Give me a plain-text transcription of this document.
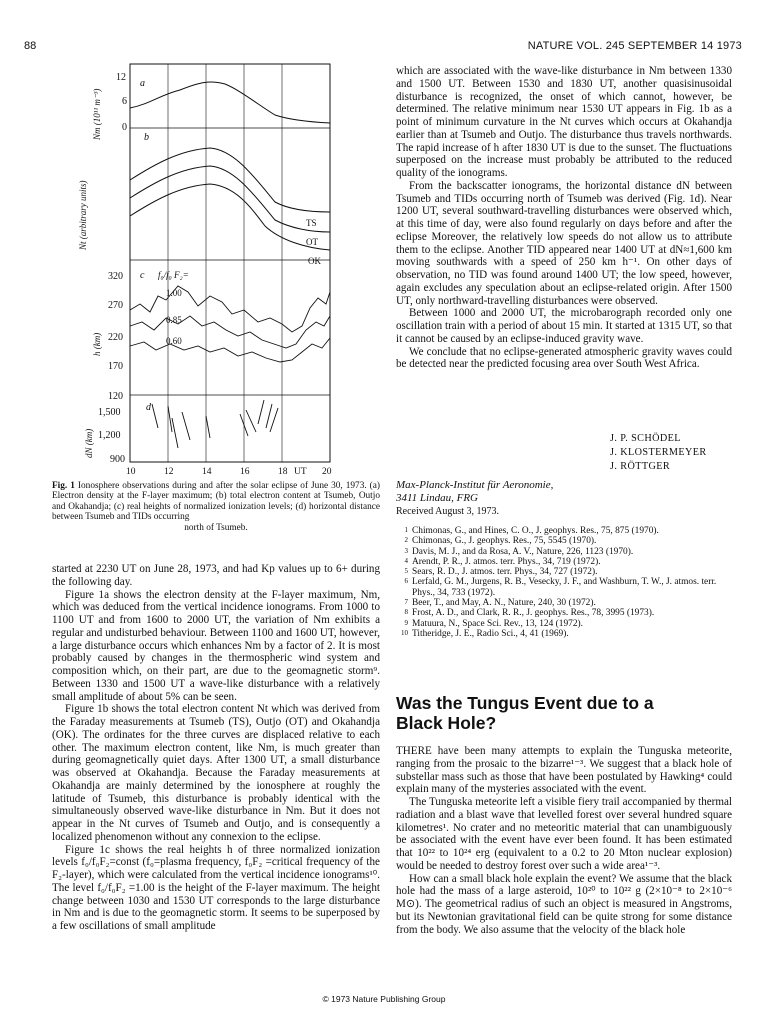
88	NATURE VOL. 245 SEPTEMBER 14 1973
a
12
6
0
Nm (10¹¹ m⁻³)	b
TS
OT
OK
Nt (arbitrary units)
c f₀/f₀ F₂=
1.00
0.85
0.60
320
270
220
170
120
h (km)
d
1,500
1,200
900
dN (km)
10	12	14	16	18 UT 20
Fig. 1 Ionosphere observations during and after the solar eclipse of June 30, 1973. (a) Electron density at the F-layer maximum; (b) total electron content at Tsumeb, Outjo and Okahandja; (c) real heights of normalized ionization levels; (d) horizontal distance between Tsumeb and TIDs occurring
north of Tsumeb.

started at 2230 UT on June 28, 1973, and had Kp values up to 6+ during the following day.

Figure 1a shows the electron density at the F-layer maximum, Nm, which was deduced from the vertical incidence ionograms. From 1000 to 1100 UT and from 1600 to 2000 UT, the variation of Nm exhibits a regular and undisturbed behaviour. Between 1100 and 1600 UT, however, a large disturbance occurs which enhances Nm by a factor of 2. It is most probably caused by changes in the thermospheric wind system and composition which, on their part, are due to the geomagnetic storm⁹. Between 1330 and 1500 UT a wave-like disturbance with a relatively small amplitude of about 5% can be seen.

Figure 1b shows the total electron content Nt which was derived from the Faraday measurements at Tsumeb (TS), Outjo (OT) and Okahandja (OK). The ordinates for the three curves are displaced relative to each other. The maximum electron content, like Nm, is much greater than during geomagnetically quiet days. After 1300 UT, a small disturbance was observed at Okahandja. Because the Faraday measurements at Okahandja are mainly determined by the ionosphere at roughly the latitude of Tsumeb, this disturbance is probably identical with the simultaneously observed wave-like disturbance in Nm. But it does not appear in the Nt curves of Tsumeb and Outjo, and is consequently a localized phenomenon without any connexion to the eclipse.

Figure 1c shows the real heights h of three normalized ionization levels f₀/f₀F₂=const (f₀=plasma frequency, f₀F₂ =critical frequency of the F₂-layer), which were calculated from the vertical incidence ionograms¹⁰. The level f₀/f₀F₂ =1.00 is the height of the F-layer maximum. The height change between 1030 and 1530 UT corresponds to the large disturbance in Nm and is due to the geomagnetic storm. It seems to be superposed by a few oscillations of small amplitude

which are associated with the wave-like disturbance in Nm between 1330 and 1500 UT. Between 1530 and 1830 UT, another quasisinusoidal disturbance is recognized, the onset of which cannot, however, be determined. The relative minimum near 1530 UT appears in Fig. 1b as a point of minimum curvature in the Nt curves which occurs at Okahandja earlier than at Tsumeb and Outjo. The disturbance thus travels northwards. The rapid increase of h after 1830 UT is due to the sunset. The fluctuations superposed on the increase must probably be attributed to the reduced quality of the ionograms.

From the backscatter ionograms, the horizontal distance dN between Tsumeb and TIDs occurring north of Tsumeb was derived (Fig. 1d). Near 1200 UT, several southward-travelling disturbances were observed which, at this time of day, were also found regularly on days before and after the eclipse Moreover, the relatively low speeds do not allow us to attribute them to the eclipse. Another TID appeared near 1400 UT at dN≈1,600 km moving southwards with a speed of 250 km h⁻¹. On other days of observation, no TID was found around 1400 UT; the low speed, however, again excludes any speculation about an eclipse-related origin. After 1500 UT, only northward-travelling disturbances were observed.

Between 1000 and 2000 UT, the microbarograph recorded only one oscillation train with a period of about 15 min. It started at 1315 UT, so that it cannot be caused by an eclipse-induced gravity wave.

We conclude that no eclipse-generated atmospheric gravity waves could be detected near the predicted focusing area over South West Africa.

J. P. SCHÖDEL
J. KLOSTERMEYER
J. RÖTTGER
Max-Planck-Institut für Aeronomie,
3411 Lindau, FRG
Received August 3, 1973.
1 Chimonas, G., and Hines, C. O., J. geophys. Res., 75, 875 (1970).
2 Chimonas, G., J. geophys. Res., 75, 5545 (1970).
3 Davis, M. J., and da Rosa, A. V., Nature, 226, 1123 (1970).
4 Arendt, P. R., J. atmos. terr. Phys., 34, 719 (1972).
5 Sears, R. D., J. atmos. terr. Phys., 34, 727 (1972).
6 Lerfald, G. M., Jurgens, R. B., Vesecky, J. F., and Washburn, T. W., J. atmos. terr. Phys., 34, 733 (1972).
7 Beer, T., and May, A. N., Nature, 240, 30 (1972).
8 Frost, A. D., and Clark, R. R., J. geophys. Res., 78, 3995 (1973).
9 Matuura, N., Space Sci. Rev., 13, 124 (1972).
10 Titheridge, J. E., Radio Sci., 4, 41 (1969).
Was the Tungus Event due to a Black Hole?

THERE have been many attempts to explain the Tunguska meteorite, ranging from the prosaic to the bizarre¹⁻³. We suggest that a black hole of substellar mass such as those that have been postulated by Hawking⁴ could explain many of the mysteries associated with the event.

The Tunguska meteorite left a visible fiery trail accompanied by thermal radiation and a blast wave that levelled forest over several hundred square kilometres¹. No crater and no meteoritic material that can unambiguously be associated with the event have ever been found. It has been estimated that 10²² to 10²⁴ erg (equivalent to a 0.2 to 20 Mton nuclear explosion) would be needed to destroy forest over such a wide area¹⁻³.

How can a small black hole explain the event? We assume that the black hole had the mass of a large asteroid, 10²⁰ to 10²² g (2×10⁻⁸ to 2×10⁻⁶ M⊙). The geometrical radius of such an object is measured in Angstroms, but its Newtonian gravitational field can be quite strong for some distance from the body. We also assume that the velocity of the black hole

© 1973 Nature Publishing Group
